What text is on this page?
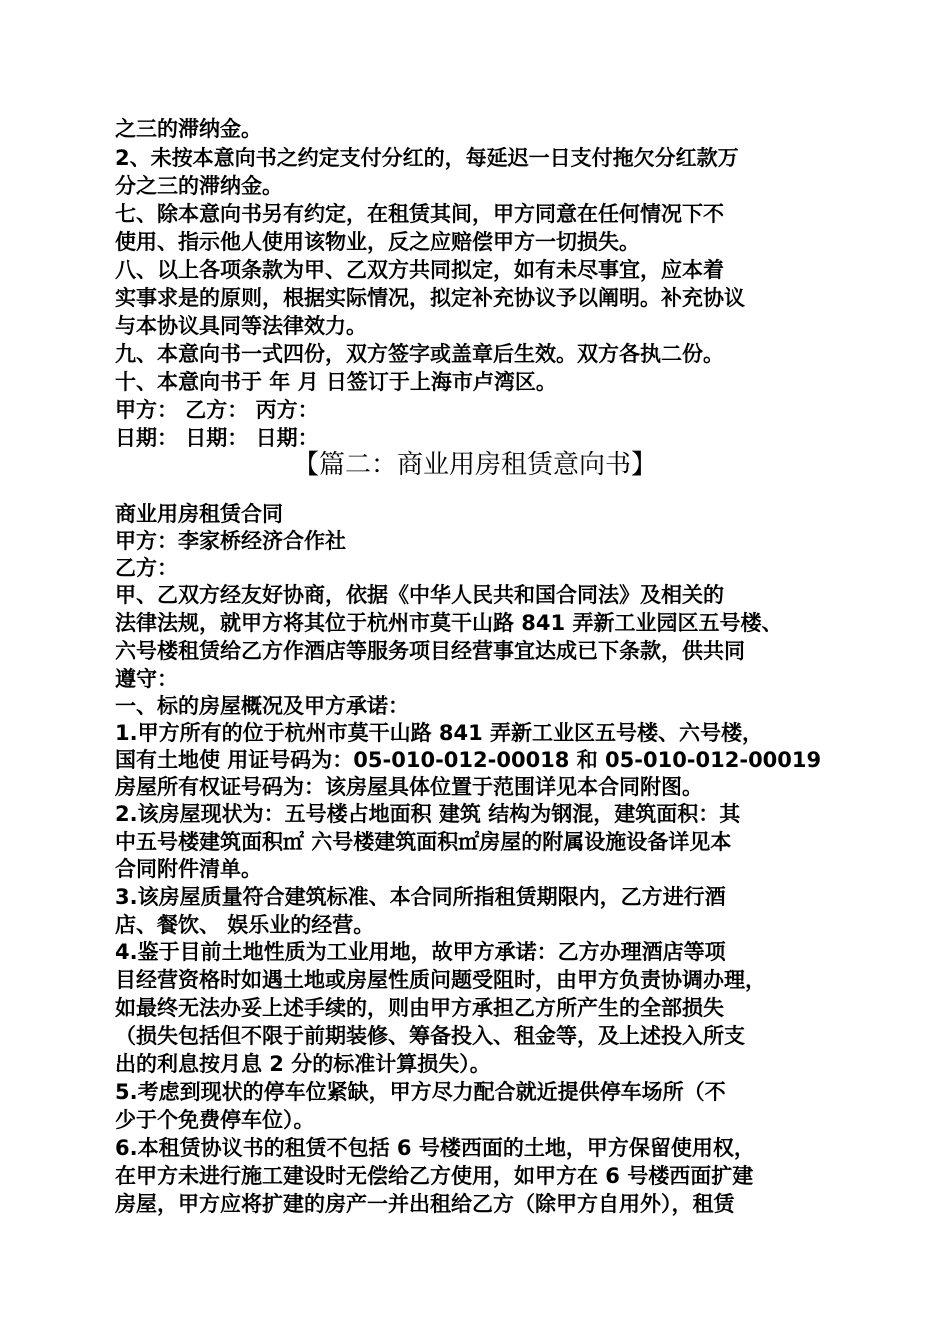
之三的滞纳金。
2、未按本意向书之约定支付分红的，每延迟一日支付拖欠分红款万
分之三的滞纳金。
七、除本意向书另有约定，在租赁其间，甲方同意在任何情况下不
使用、指示他人使用该物业，反之应赔偿甲方一切损失。
八、以上各项条款为甲、乙双方共同拟定，如有未尽事宜，应本着
实事求是的原则，根据实际情况，拟定补充协议予以阐明。补充协议
与本协议具同等法律效力。
九、本意向书一式四份，双方签字或盖章后生效。双方各执二份。
十、本意向书于 年 月 日签订于上海市卢湾区。
甲方： 乙方： 丙方：
日期： 日期： 日期：
【篇二：商业用房租赁意向书】
商业用房租赁合同
甲方：李家桥经济合作社
乙方：
甲、乙双方经友好协商，依据《中华人民共和国合同法》及相关的
法律法规，就甲方将其位于杭州市莫干山路 841 弄新工业园区五号楼、
六号楼租赁给乙方作酒店等服务项目经营事宜达成已下条款，供共同
遵守：
一、标的房屋概况及甲方承诺：
1.甲方所有的位于杭州市莫干山路 841 弄新工业区五号楼、六号楼，
国有土地使 用证号码为：05-010-012-00018 和 05-010-012-00019
房屋所有权证号码为：该房屋具体位置于范围详见本合同附图。
2.该房屋现状为：五号楼占地面积 建筑 结构为钢混，建筑面积：其
中五号楼建筑面积㎡ 六号楼建筑面积㎡房屋的附属设施设备详见本
合同附件清单。
3.该房屋质量符合建筑标准、本合同所指租赁期限内，乙方进行酒
店、餐饮、 娱乐业的经营。
4.鉴于目前土地性质为工业用地，故甲方承诺：乙方办理酒店等项
目经营资格时如遇土地或房屋性质问题受阻时，由甲方负责协调办理，
如最终无法办妥上述手续的，则由甲方承担乙方所产生的全部损失
（损失包括但不限于前期装修、筹备投入、租金等，及上述投入所支
出的利息按月息 2 分的标准计算损失）。
5.考虑到现状的停车位紧缺，甲方尽力配合就近提供停车场所（不
少于个免费停车位）。
6.本租赁协议书的租赁不包括 6 号楼西面的土地，甲方保留使用权，
在甲方未进行施工建设时无偿给乙方使用，如甲方在 6 号楼西面扩建
房屋，甲方应将扩建的房产一并出租给乙方（除甲方自用外），租赁
